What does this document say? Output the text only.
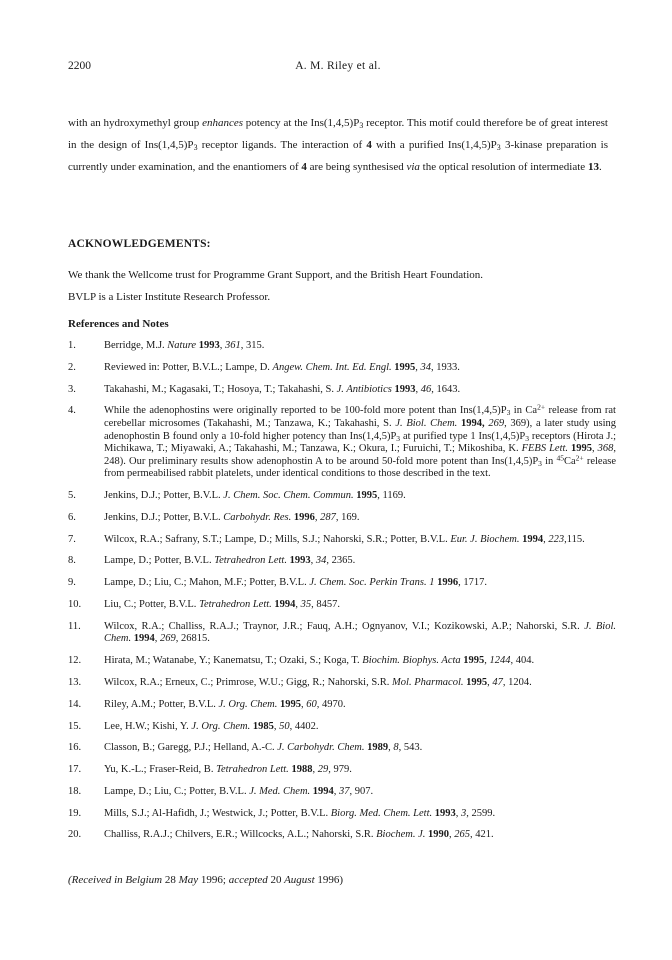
2200	A. M. Riley et al.
with an hydroxymethyl group enhances potency at the $Ins(1,4,5)P_3$ receptor. This motif could therefore be of great interest in the design of $Ins(1,4,5)P_3$ receptor ligands. The interaction of 4 with a purified $Ins(1,4,5)P_3$ 3-kinase preparation is currently under examination, and the enantiomers of 4 are being synthesised via the optical resolution of intermediate 13.
ACKNOWLEDGEMENTS:

We thank the Wellcome trust for Programme Grant Support, and the British Heart Foundation.

BVLP is a Lister Institute Research Professor.

References and Notes
1.	Berridge, M.J. Nature 1993, 361, 315.
2.	Reviewed in: Potter, B.V.L.; Lampe, D. Angew. Chem. Int. Ed. Engl. 1995, 34, 1933.
3.	Takahashi, M.; Kagasaki, T.; Hosoya, T.; Takahashi, S. J. Antibiotics 1993, 46, 1643.
4.	While the adenophostins were originally reported to be 100-fold more potent than $Ins(1,4,5)P_3$ in $Ca^{2+}$ release from rat cerebellar microsomes (Takahashi, M.; Tanzawa, K.; Takahashi, S. J. Biol. Chem. 1994, 269, 369), a later study using adenophostin B found only a 10-fold higher potency than $Ins(1,4,5)P_3$ at purified type 1 $Ins(1,4,5)P_3$ receptors (Hirota J.; Michikawa, T.; Miyawaki, A.; Takahashi, M.; Tanzawa, K.; Okura, I.; Furuichi, T.; Mikoshiba, K. FEBS Lett. 1995, 368, 248). Our preliminary results show adenophostin A to be around 50-fold more potent than $Ins(1,4,5)P_3$ in $^{45}Ca^{2+}$ release from permeabilised rabbit platelets, under identical conditions to those described in the text.
5.	Jenkins, D.J.; Potter, B.V.L. J. Chem. Soc. Chem. Commun. 1995, 1169.
6.	Jenkins, D.J.; Potter, B.V.L. Carbohydr. Res. 1996, 287, 169.
7.	Wilcox, R.A.; Safrany, S.T.; Lampe, D.; Mills, S.J.; Nahorski, S.R.; Potter, B.V.L. Eur. J. Biochem. 1994, 223,115.
8.	Lampe, D.; Potter, B.V.L. Tetrahedron Lett. 1993, 34, 2365.
9.	Lampe, D.; Liu, C.; Mahon, M.F.; Potter, B.V.L. J. Chem. Soc. Perkin Trans. 1 1996, 1717.
10. Liu, C.; Potter, B.V.L. Tetrahedron Lett. 1994, 35, 8457.
11. Wilcox, R.A.; Challiss, R.A.J.; Traynor, J.R.; Fauq, A.H.; Ognyanov, V.I.; Kozikowski, A.P.; Nahorski, S.R. J. Biol. Chem. 1994, 269, 26815.
12. Hirata, M.; Watanabe, Y.; Kanematsu, T.; Ozaki, S.; Koga, T. Biochim. Biophys. Acta 1995, 1244, 404.
13. Wilcox, R.A.; Erneux, C.; Primrose, W.U.; Gigg, R.; Nahorski, S.R. Mol. Pharmacol. 1995, 47, 1204.
14. Riley, A.M.; Potter, B.V.L. J. Org. Chem. 1995, 60, 4970.
15. Lee, H.W.; Kishi, Y. J. Org. Chem. 1985, 50, 4402.
16. Classon, B.; Garegg, P.J.; Helland, A.-C. J. Carbohydr. Chem. 1989, 8, 543.
17. Yu, K.-L.; Fraser-Reid, B. Tetrahedron Lett. 1988, 29, 979.
18. Lampe, D.; Liu, C.; Potter, B.V.L. J. Med. Chem. 1994, 37, 907.
19. Mills, S.J.; Al-Hafidh, J.; Westwick, J.; Potter, B.V.L. Biorg. Med. Chem. Lett. 1993, 3, 2599.
20. Challiss, R.A.J.; Chilvers, E.R.; Willcocks, A.L.; Nahorski, S.R. Biochem. J. 1990, 265, 421.
(Received in Belgium 28 May 1996; accepted 20 August 1996)
